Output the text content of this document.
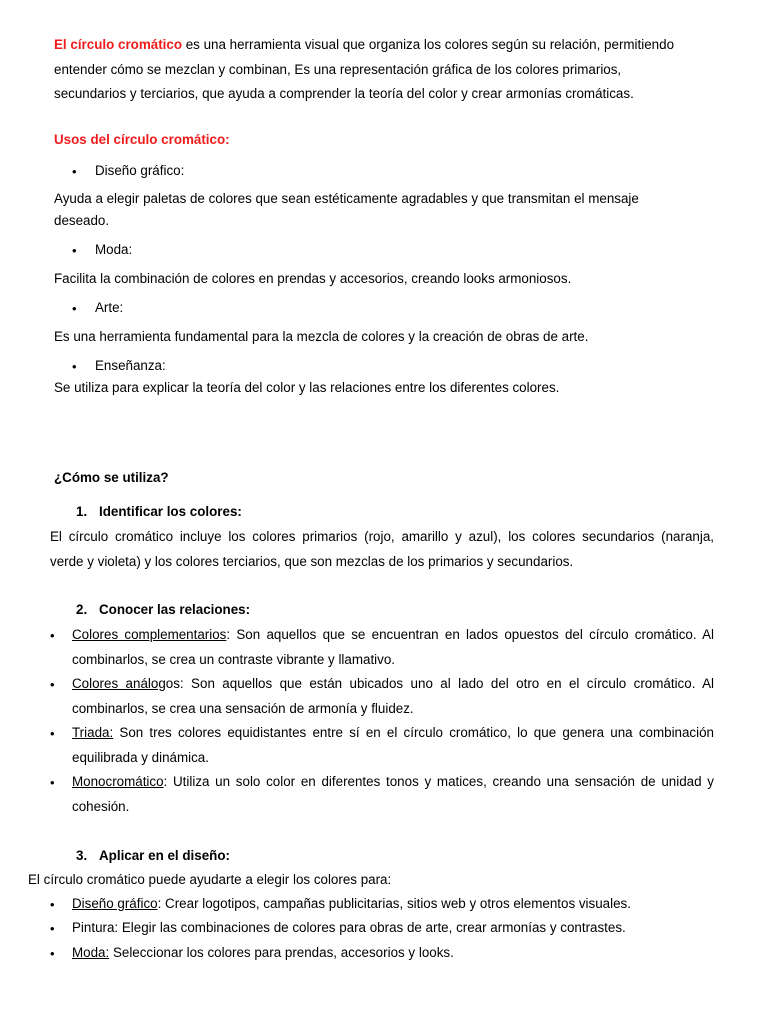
El círculo cromático es una herramienta visual que organiza los colores según su relación, permitiendo
entender cómo se mezclan y combinan, Es una representación gráfica de los colores primarios,
secundarios y terciarios, que ayuda a comprender la teoría del color y crear armonías cromáticas.
Usos del círculo cromático:
• Diseño gráfico:
Ayuda a elegir paletas de colores que sean estéticamente agradables y que transmitan el mensaje
deseado.
• Moda:
Facilita la combinación de colores en prendas y accesorios, creando looks armoniosos.
• Arte:
Es una herramienta fundamental para la mezcla de colores y la creación de obras de arte.
• Enseñanza:
Se utiliza para explicar la teoría del color y las relaciones entre los diferentes colores.
¿Cómo se utiliza?
1. Identificar los colores:
El círculo cromático incluye los colores primarios (rojo, amarillo y azul), los colores secundarios (naranja,
verde y violeta) y los colores terciarios, que son mezclas de los primarios y secundarios.
2. Conocer las relaciones:
• Colores complementarios: Son aquellos que se encuentran en lados opuestos del círculo cromático. Al
combinarlos, se crea un contraste vibrante y llamativo.
• Colores análogos: Son aquellos que están ubicados uno al lado del otro en el círculo cromático. Al
combinarlos, se crea una sensación de armonía y fluidez.
• Triada: Son tres colores equidistantes entre sí en el círculo cromático, lo que genera una combinación
equilibrada y dinámica.
• Monocromático: Utiliza un solo color en diferentes tonos y matices, creando una sensación de unidad y
cohesión.
3. Aplicar en el diseño:
El círculo cromático puede ayudarte a elegir los colores para:
• Diseño gráfico: Crear logotipos, campañas publicitarias, sitios web y otros elementos visuales.
• Pintura: Elegir las combinaciones de colores para obras de arte, crear armonías y contrastes.
• Moda: Seleccionar los colores para prendas, accesorios y looks.
